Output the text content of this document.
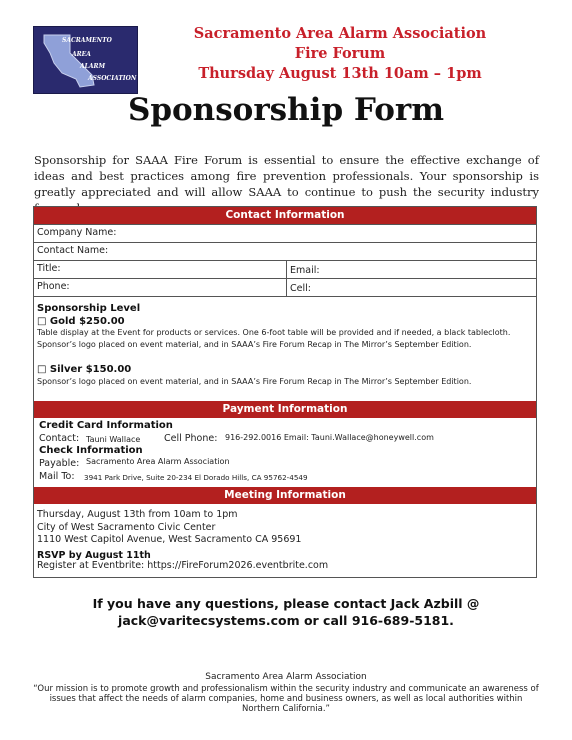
SACRAMENTO
AREA
ALARM
ASSOCIATION
Sacramento Area Alarm Association
Fire Forum
Thursday August 13th 10am – 1pm
Sponsorship Form
Sponsorship for SAAA Fire Forum is essential to ensure the effective exchange of ideas and best practices among fire prevention professionals. Your sponsorship is greatly appreciated and will allow SAAA to continue to push the security industry
Contact Information
Company Name:
Contact Name:
Title:	Email:
Phone:	Cell:
Sponsorship Level
□ Gold $250.00
Table display at the Event for products or services. One 6-foot table will be provided and if needed, a black tablecloth. Sponsor’s logo placed on event material, and in SAAA’s Fire Forum Recap in The Mirror’s September Edition.
□ Silver $150.00
Sponsor’s logo placed on event material, and in SAAA’s Fire Forum Recap in The Mirror’s September Edition.
Payment Information
Credit Card Information
Contact: Tauni Wallace Cell Phone: 916-292.0016 Email: Tauni.Wallace@honeywell.com
Check Information
Payable: Sacramento Area Alarm Association
Mail To: 3941 Park Drive, Suite 20-234 El Dorado Hills, CA 95762-4549
Meeting Information
Thursday, August 13th from 10am to 1pm
City of West Sacramento Civic Center
1110 West Capitol Avenue, West Sacramento CA 95691
RSVP by August 11th
Register at Eventbrite: https://FireForum2026.eventbrite.com
If you have any questions, please contact Jack Azbill @
jack@varitecsystems.com or call 916-689-5181.
Sacramento Area Alarm Association
“Our mission is to promote growth and professionalism within the security industry and communicate an awareness of issues that affect the needs of alarm companies, home and business owners, as well as local authorities within Northern California.”
